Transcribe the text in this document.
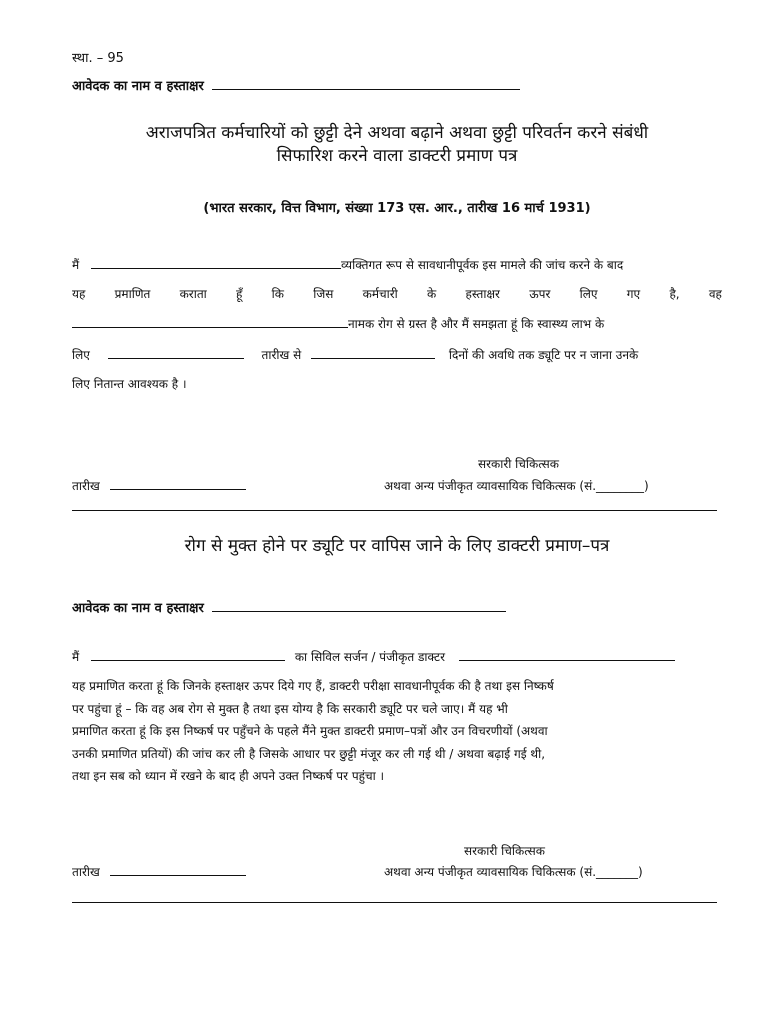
स्था. – 95
आवेदक का नाम व हस्ताक्षर
अराजपत्रित कर्मचारियों को छुट्टी देने अथवा बढ़ाने अथवा छुट्टी परिवर्तन करने संबंधी
सिफारिश करने वाला डाक्टरी प्रमाण पत्र
(भारत सरकार, वित्त विभाग, संख्या 173 एस. आर., तारीख 16 मार्च 1931)
मैं	व्यक्तिगत रूप से सावधानीपूर्वक इस मामले की जांच करने के बाद
यह प्रमाणित कराता हूँ कि जिस कर्मचारी के हस्ताक्षर ऊपर लिए गए है, वह
नामक रोग से ग्रस्त है और मैं समझता हूं कि स्वास्थ्य लाभ के
लिए	तारीख से	दिनों की अवधि तक ड्यूटि पर न जाना उनके
लिए नितान्त आवश्यक है ।
सरकारी चिकित्सक
तारीख	अथवा अन्य पंजीकृत व्यावसायिक चिकित्सक (सं.________)
रोग से मुक्त होने पर ड्यूटि पर वापिस जाने के लिए डाक्टरी प्रमाण–पत्र
आवेदक का नाम व हस्ताक्षर
मैं	का सिविल सर्जन / पंजीकृत डाक्टर
यह प्रमाणित करता हूं कि जिनके हस्ताक्षर ऊपर दिये गए हैं, डाक्टरी परीक्षा सावधानीपूर्वक की है तथा इस निष्कर्ष
पर पहुंचा हूं – कि वह अब रोग से मुक्त है तथा इस योग्य है कि सरकारी ड्यूटि पर चले जाए। मैं यह भी
प्रमाणित करता हूं कि इस निष्कर्ष पर पहुँचने के पहले मैंने मुक्त डाक्टरी प्रमाण–पत्रों और उन विचरणीयों (अथवा
उनकी प्रमाणित प्रतियों) की जांच कर ली है जिसके आधार पर छुट्टी मंजूर कर ली गई थी / अथवा बढ़ाई गई थी,
तथा इन सब को ध्यान में रखने के बाद ही अपने उक्त निष्कर्ष पर पहुंचा ।
सरकारी चिकित्सक
तारीख	अथवा अन्य पंजीकृत व्यावसायिक चिकित्सक (सं._______)
